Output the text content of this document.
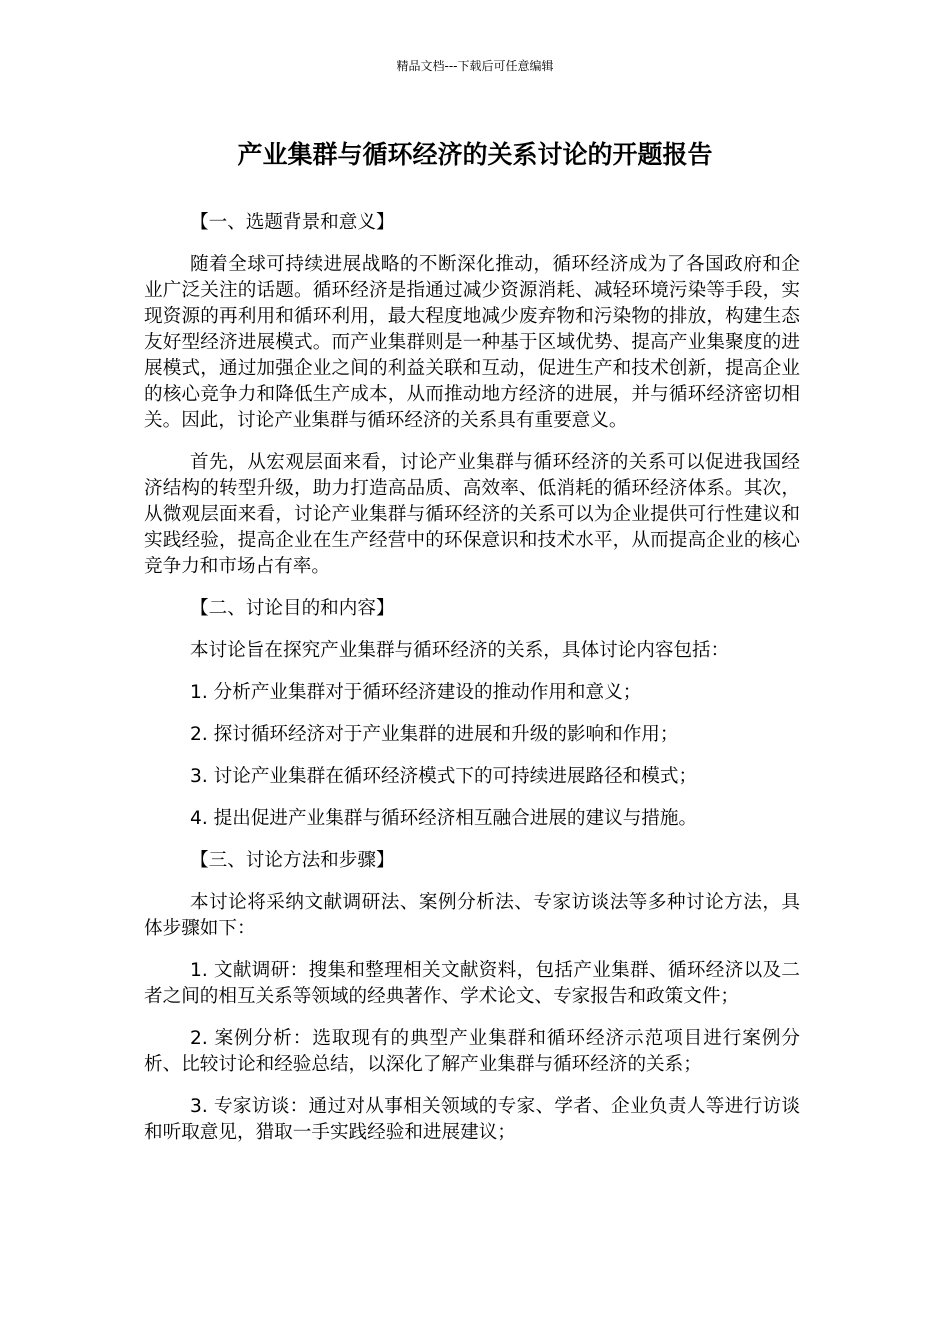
精品文档---下载后可任意编辑
产业集群与循环经济的关系讨论的开题报告

【一、选题背景和意义】

随着全球可持续进展战略的不断深化推动，循环经济成为了各国政府和企业广泛关注的话题。循环经济是指通过减少资源消耗、减轻环境污染等手段，实现资源的再利用和循环利用，最大程度地减少废弃物和污染物的排放，构建生态友好型经济进展模式。而产业集群则是一种基于区域优势、提高产业集聚度的进展模式，通过加强企业之间的利益关联和互动，促进生产和技术创新，提高企业的核心竞争力和降低生产成本，从而推动地方经济的进展，并与循环经济密切相关。因此，讨论产业集群与循环经济的关系具有重要意义。

首先，从宏观层面来看，讨论产业集群与循环经济的关系可以促进我国经济结构的转型升级，助力打造高品质、高效率、低消耗的循环经济体系。其次，从微观层面来看，讨论产业集群与循环经济的关系可以为企业提供可行性建议和实践经验，提高企业在生产经营中的环保意识和技术水平，从而提高企业的核心竞争力和市场占有率。

【二、讨论目的和内容】

本讨论旨在探究产业集群与循环经济的关系，具体讨论内容包括：

1. 分析产业集群对于循环经济建设的推动作用和意义；

2. 探讨循环经济对于产业集群的进展和升级的影响和作用；

3. 讨论产业集群在循环经济模式下的可持续进展路径和模式；

4. 提出促进产业集群与循环经济相互融合进展的建议与措施。

【三、讨论方法和步骤】

本讨论将采纳文献调研法、案例分析法、专家访谈法等多种讨论方法，具体步骤如下：

1. 文献调研：搜集和整理相关文献资料，包括产业集群、循环经济以及二者之间的相互关系等领域的经典著作、学术论文、专家报告和政策文件；

2. 案例分析：选取现有的典型产业集群和循环经济示范项目进行案例分析、比较讨论和经验总结，以深化了解产业集群与循环经济的关系；

3. 专家访谈：通过对从事相关领域的专家、学者、企业负责人等进行访谈和听取意见，猎取一手实践经验和进展建议；
